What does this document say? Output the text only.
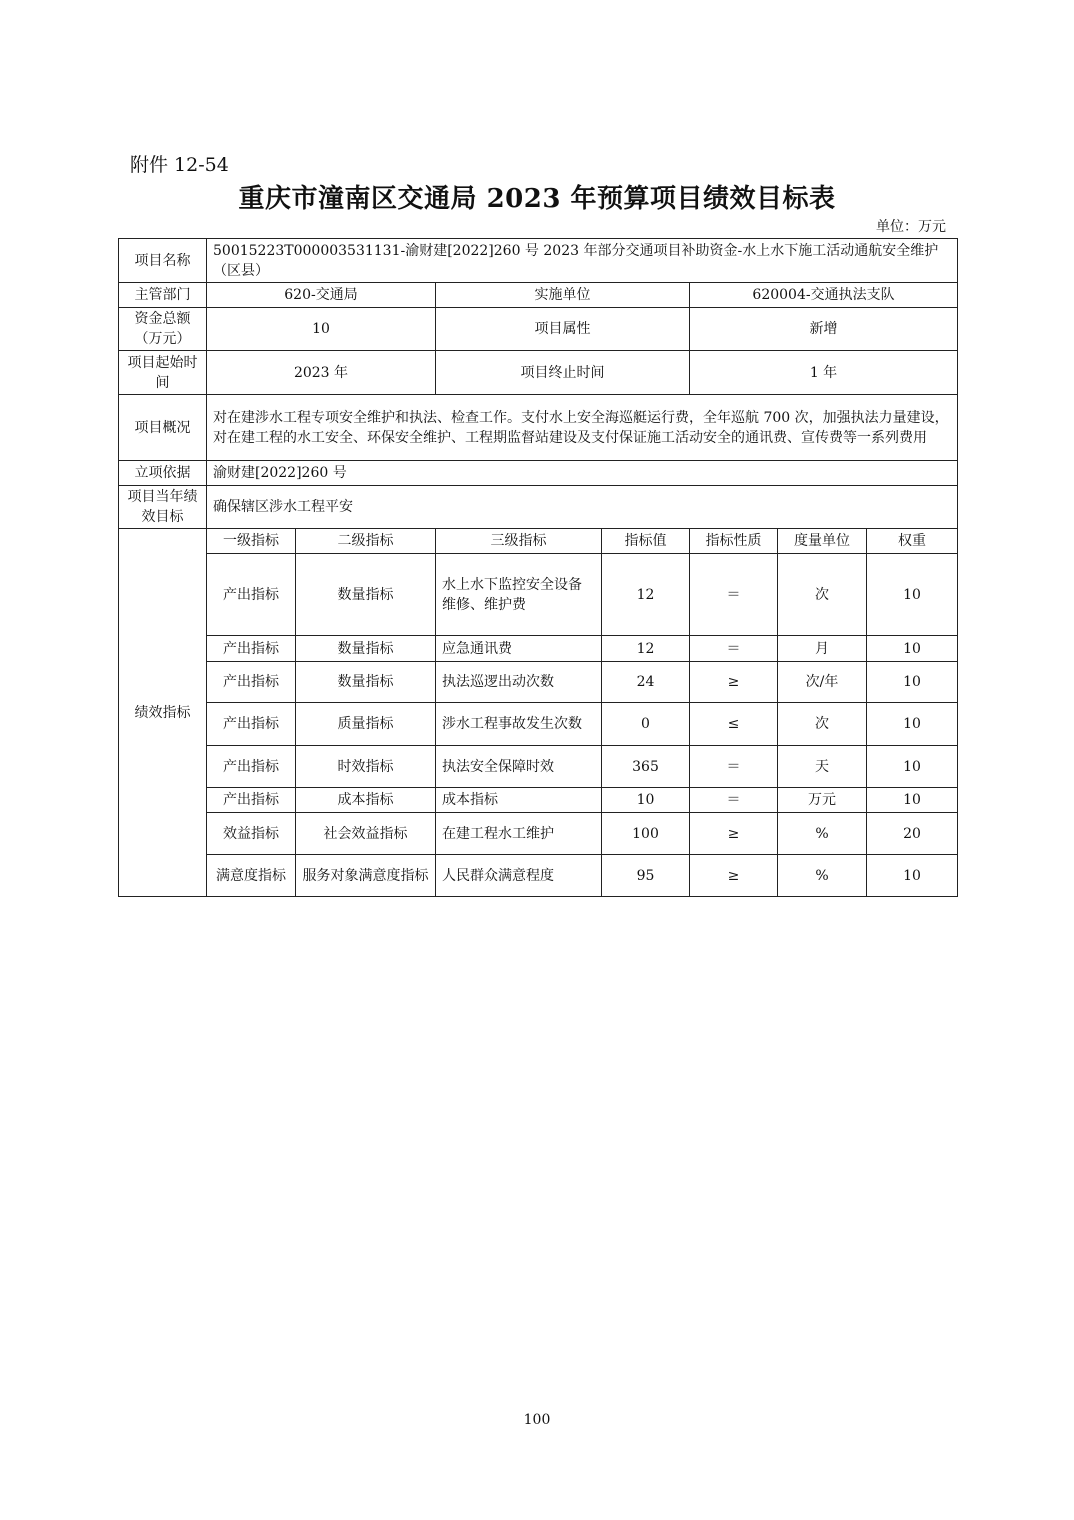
附件 12-54
重庆市潼南区交通局 2023 年预算项目绩效目标表
单位：万元
项目名称	50015223T000003531131-渝财建[2022]260 号 2023 年部分交通项目补助资金-水上水下施工活动通航安全维护（区县）						
主管部门	620-交通局		实施单位		620004-交通执法支队		
资金总额（万元）	10		项目属性		新增		
项目起始时间	2023 年		项目终止时间		1 年		
项目概况	对在建涉水工程专项安全维护和执法、检查工作。支付水上安全海巡艇运行费，全年巡航 700 次，加强执法力量建设，对在建工程的水工安全、环保安全维护、工程期监督站建设及支付保证施工活动安全的通讯费、宣传费等一系列费用						
立项依据	渝财建[2022]260 号						
项目当年绩效目标	确保辖区涉水工程平安						
绩效指标	一级指标	二级指标	三级指标	指标值	指标性质	度量单位	权重
	产出指标	数量指标	水上水下监控安全设备维修、维护费	12	＝	次	10
	产出指标	数量指标	应急通讯费	12	＝	月	10
	产出指标	数量指标	执法巡逻出动次数	24	≥	次/年	10
	产出指标	质量指标	涉水工程事故发生次数	0	≤	次	10
	产出指标	时效指标	执法安全保障时效	365	＝	天	10
	产出指标	成本指标	成本指标	10	＝	万元	10
	效益指标	社会效益指标	在建工程水工维护	100	≥	%	20
	满意度指标	服务对象满意度指标	人民群众满意程度	95	≥	%	10
100
